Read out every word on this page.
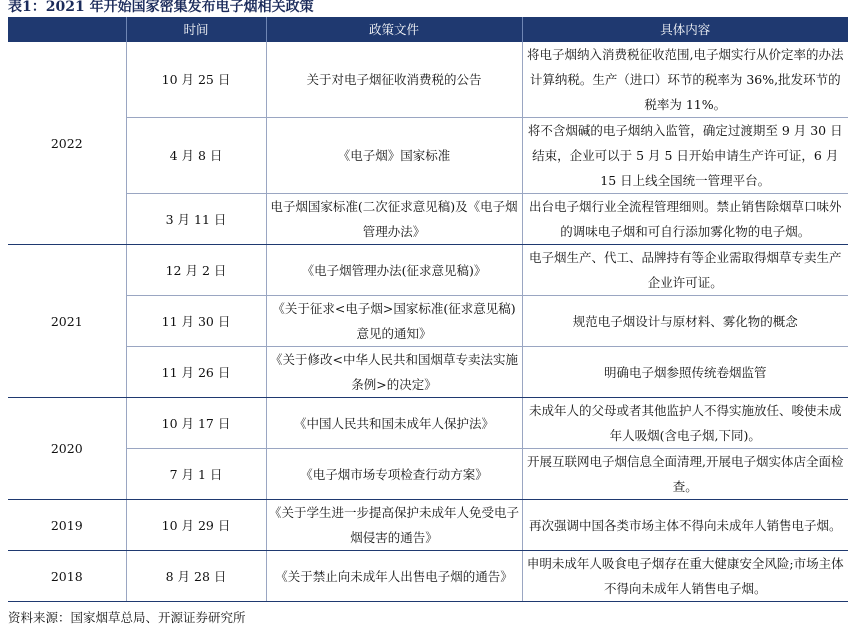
表1：2021 年开始国家密集发布电子烟相关政策
	时间	政策文件	具体内容
2022	10 月 25 日	关于对电子烟征收消费税的公告	将电子烟纳入消费税征收范围,电子烟实行从价定率的办法计算纳税。生产（进口）环节的税率为 36%,批发环节的税率为 11%。
	4 月 8 日	《电子烟》国家标准	将不含烟碱的电子烟纳入监管，确定过渡期至 9 月 30 日结束，企业可以于 5 月 5 日开始申请生产许可证，6 月 15 日上线全国统一管理平台。
	3 月 11 日	电子烟国家标准(二次征求意见稿)及《电子烟管理办法》	出台电子烟行业全流程管理细则。禁止销售除烟草口味外的调味电子烟和可自行添加雾化物的电子烟。
2021	12 月 2 日	《电子烟管理办法(征求意见稿)》	电子烟生产、代工、品牌持有等企业需取得烟草专卖生产企业许可证。
	11 月 30 日	《关于征求<电子烟>国家标准(征求意见稿)意见的通知》	规范电子烟设计与原材料、雾化物的概念
	11 月 26 日	《关于修改<中华人民共和国烟草专卖法实施条例>的决定》	明确电子烟参照传统卷烟监管
2020	10 月 17 日	《中国人民共和国未成年人保护法》	未成年人的父母或者其他监护人不得实施放任、唆使未成年人吸烟(含电子烟,下同)。
	7 月 1 日	《电子烟市场专项检查行动方案》	开展互联网电子烟信息全面清理,开展电子烟实体店全面检查。
2019	10 月 29 日	《关于学生进一步提高保护未成年人免受电子烟侵害的通告》	再次强调中国各类市场主体不得向未成年人销售电子烟。
2018	8 月 28 日	《关于禁止向未成年人出售电子烟的通告》	申明未成年人吸食电子烟存在重大健康安全风险;市场主体不得向未成年人销售电子烟。
资料来源：国家烟草总局、开源证券研究所
